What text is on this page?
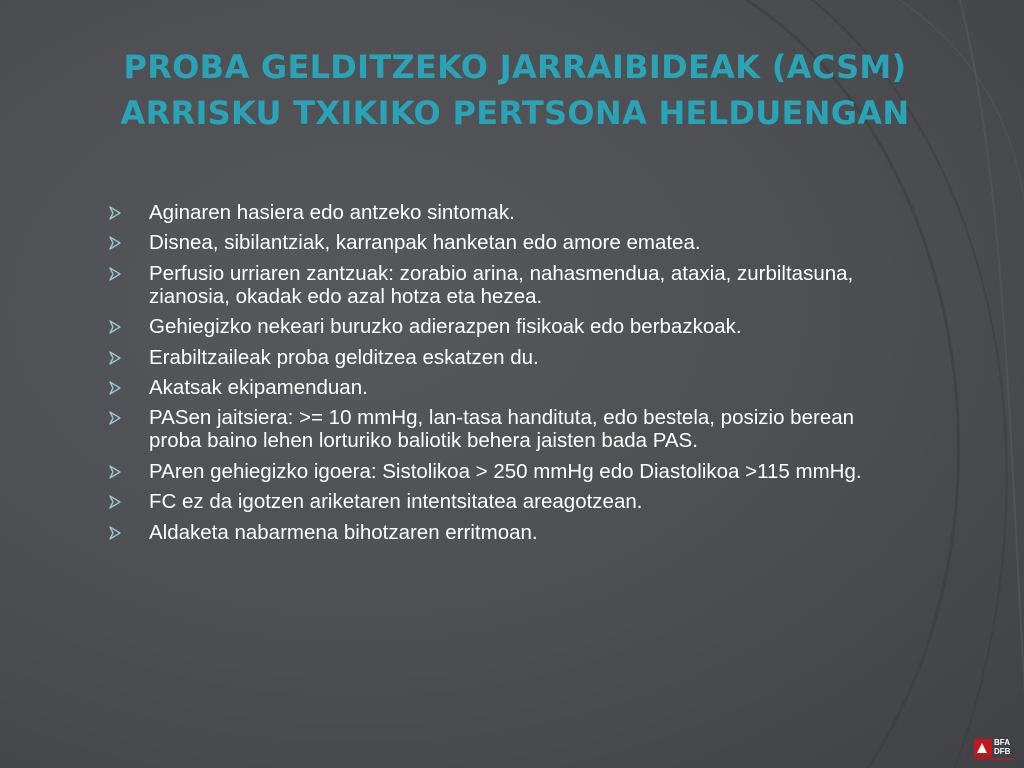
PROBA GELDITZEKO JARRAIBIDEAK (ACSM)
ARRISKU TXIKIKO PERTSONA HELDUENGAN
Aginaren hasiera edo antzeko sintomak.
Disnea, sibilantziak, karranpak hanketan edo amore ematea.
Perfusio urriaren zantzuak: zorabio arina, nahasmendua, ataxia, zurbiltasuna, zianosia, okadak edo azal hotza eta hezea.
Gehiegizko nekeari buruzko adierazpen fisikoak edo berbazkoak.
Erabiltzaileak proba gelditzea eskatzen du.
Akatsak ekipamenduan.
PASen jaitsiera: >= 10 mmHg, lan-tasa handituta, edo bestela, posizio berean proba baino lehen lorturiko baliotik behera jaisten bada PAS.
PAren gehiegizko igoera: Sistolikoa > 250 mmHg edo Diastolikoa >115 mmHg.
FC ez da igotzen ariketaren intentsitatea areagotzean.
Aldaketa nabarmena bihotzaren erritmoan.
BFA
DFB
